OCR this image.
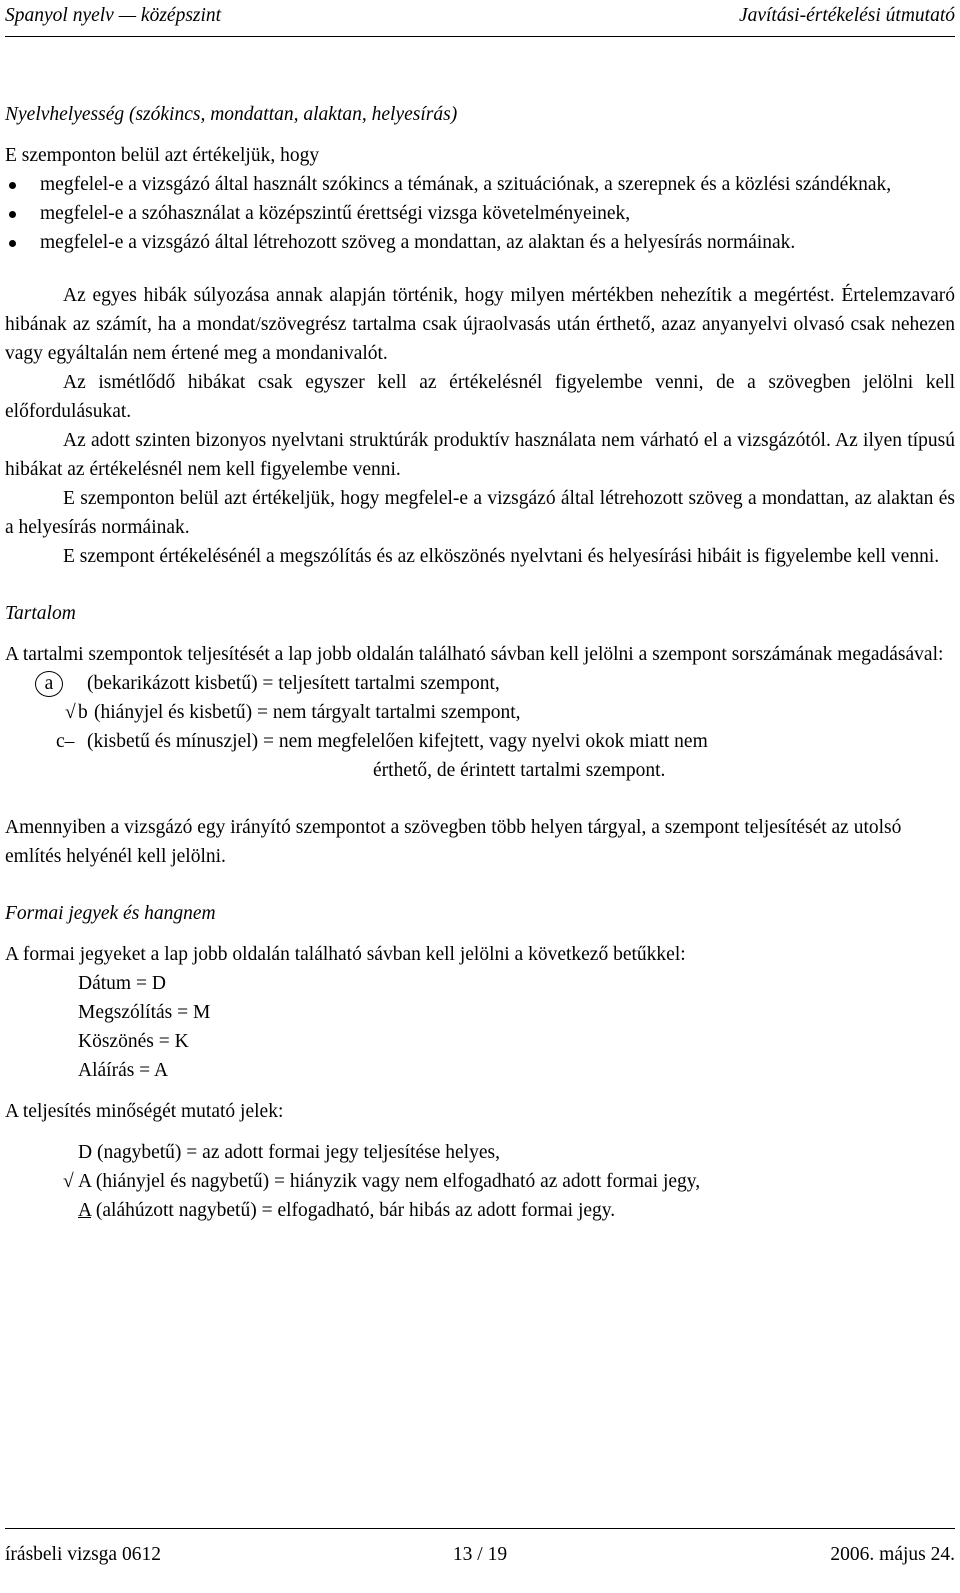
Spanyol nyelv — középszint	Javítási-értékelési útmutató

Nyelvhelyesség (szókincs, mondattan, alaktan, helyesírás)

E szemponton belül azt értékeljük, hogy

megfelel-e a vizsgázó által használt szókincs a témának, a szituációnak, a szerepnek és a közlési szándéknak,
megfelel-e a szóhasználat a középszintű érettségi vizsga követelményeinek,
megfelel-e a vizsgázó által létrehozott szöveg a mondattan, az alaktan és a helyesírás normáinak.

Az egyes hibák súlyozása annak alapján történik, hogy milyen mértékben nehezítik a megértést. Értelemzavaró hibának az számít, ha a mondat/szövegrész tartalma csak újraolvasás után érthető, azaz anyanyelvi olvasó csak nehezen vagy egyáltalán nem értené meg a mondanivalót.

Az ismétlődő hibákat csak egyszer kell az értékelésnél figyelembe venni, de a szövegben jelölni kell előfordulásukat.

Az adott szinten bizonyos nyelvtani struktúrák produktív használata nem várható el a vizsgázótól. Az ilyen típusú hibákat az értékelésnél nem kell figyelembe venni.

E szemponton belül azt értékeljük, hogy megfelel-e a vizsgázó által létrehozott szöveg a mondattan, az alaktan és a helyesírás normáinak.

E szempont értékelésénél a megszólítás és az elköszönés nyelvtani és helyesírási hibáit is figyelembe kell venni.

Tartalom

A tartalmi szempontok teljesítését a lap jobb oldalán található sávban kell jelölni a szempont sorszámának megadásával:

a	(bekarikázott kisbetű) = teljesített tartalmi szempont,
√ b (hiányjel és kisbetű) = nem tárgyalt tartalmi szempont,
c– (kisbetű és mínuszjel) = nem megfelelően kifejtett, vagy nyelvi okok miatt nem
érthető, de érintett tartalmi szempont.

Amennyiben a vizsgázó egy irányító szempontot a szövegben több helyen tárgyal, a szempont teljesítését az utolsó említés helyénél kell jelölni.

Formai jegyek és hangnem

A formai jegyeket a lap jobb oldalán található sávban kell jelölni a következő betűkkel:

Dátum = D
Megszólítás = M
Köszönés = K
Aláírás = A

A teljesítés minőségét mutató jelek:

D (nagybetű) = az adott formai jegy teljesítése helyes,
√ A (hiányjel és nagybetű) = hiányzik vagy nem elfogadható az adott formai jegy,
A (aláhúzott nagybetű) = elfogadható, bár hibás az adott formai jegy.
írásbeli vizsga 0612	13 / 19	2006. május 24.
